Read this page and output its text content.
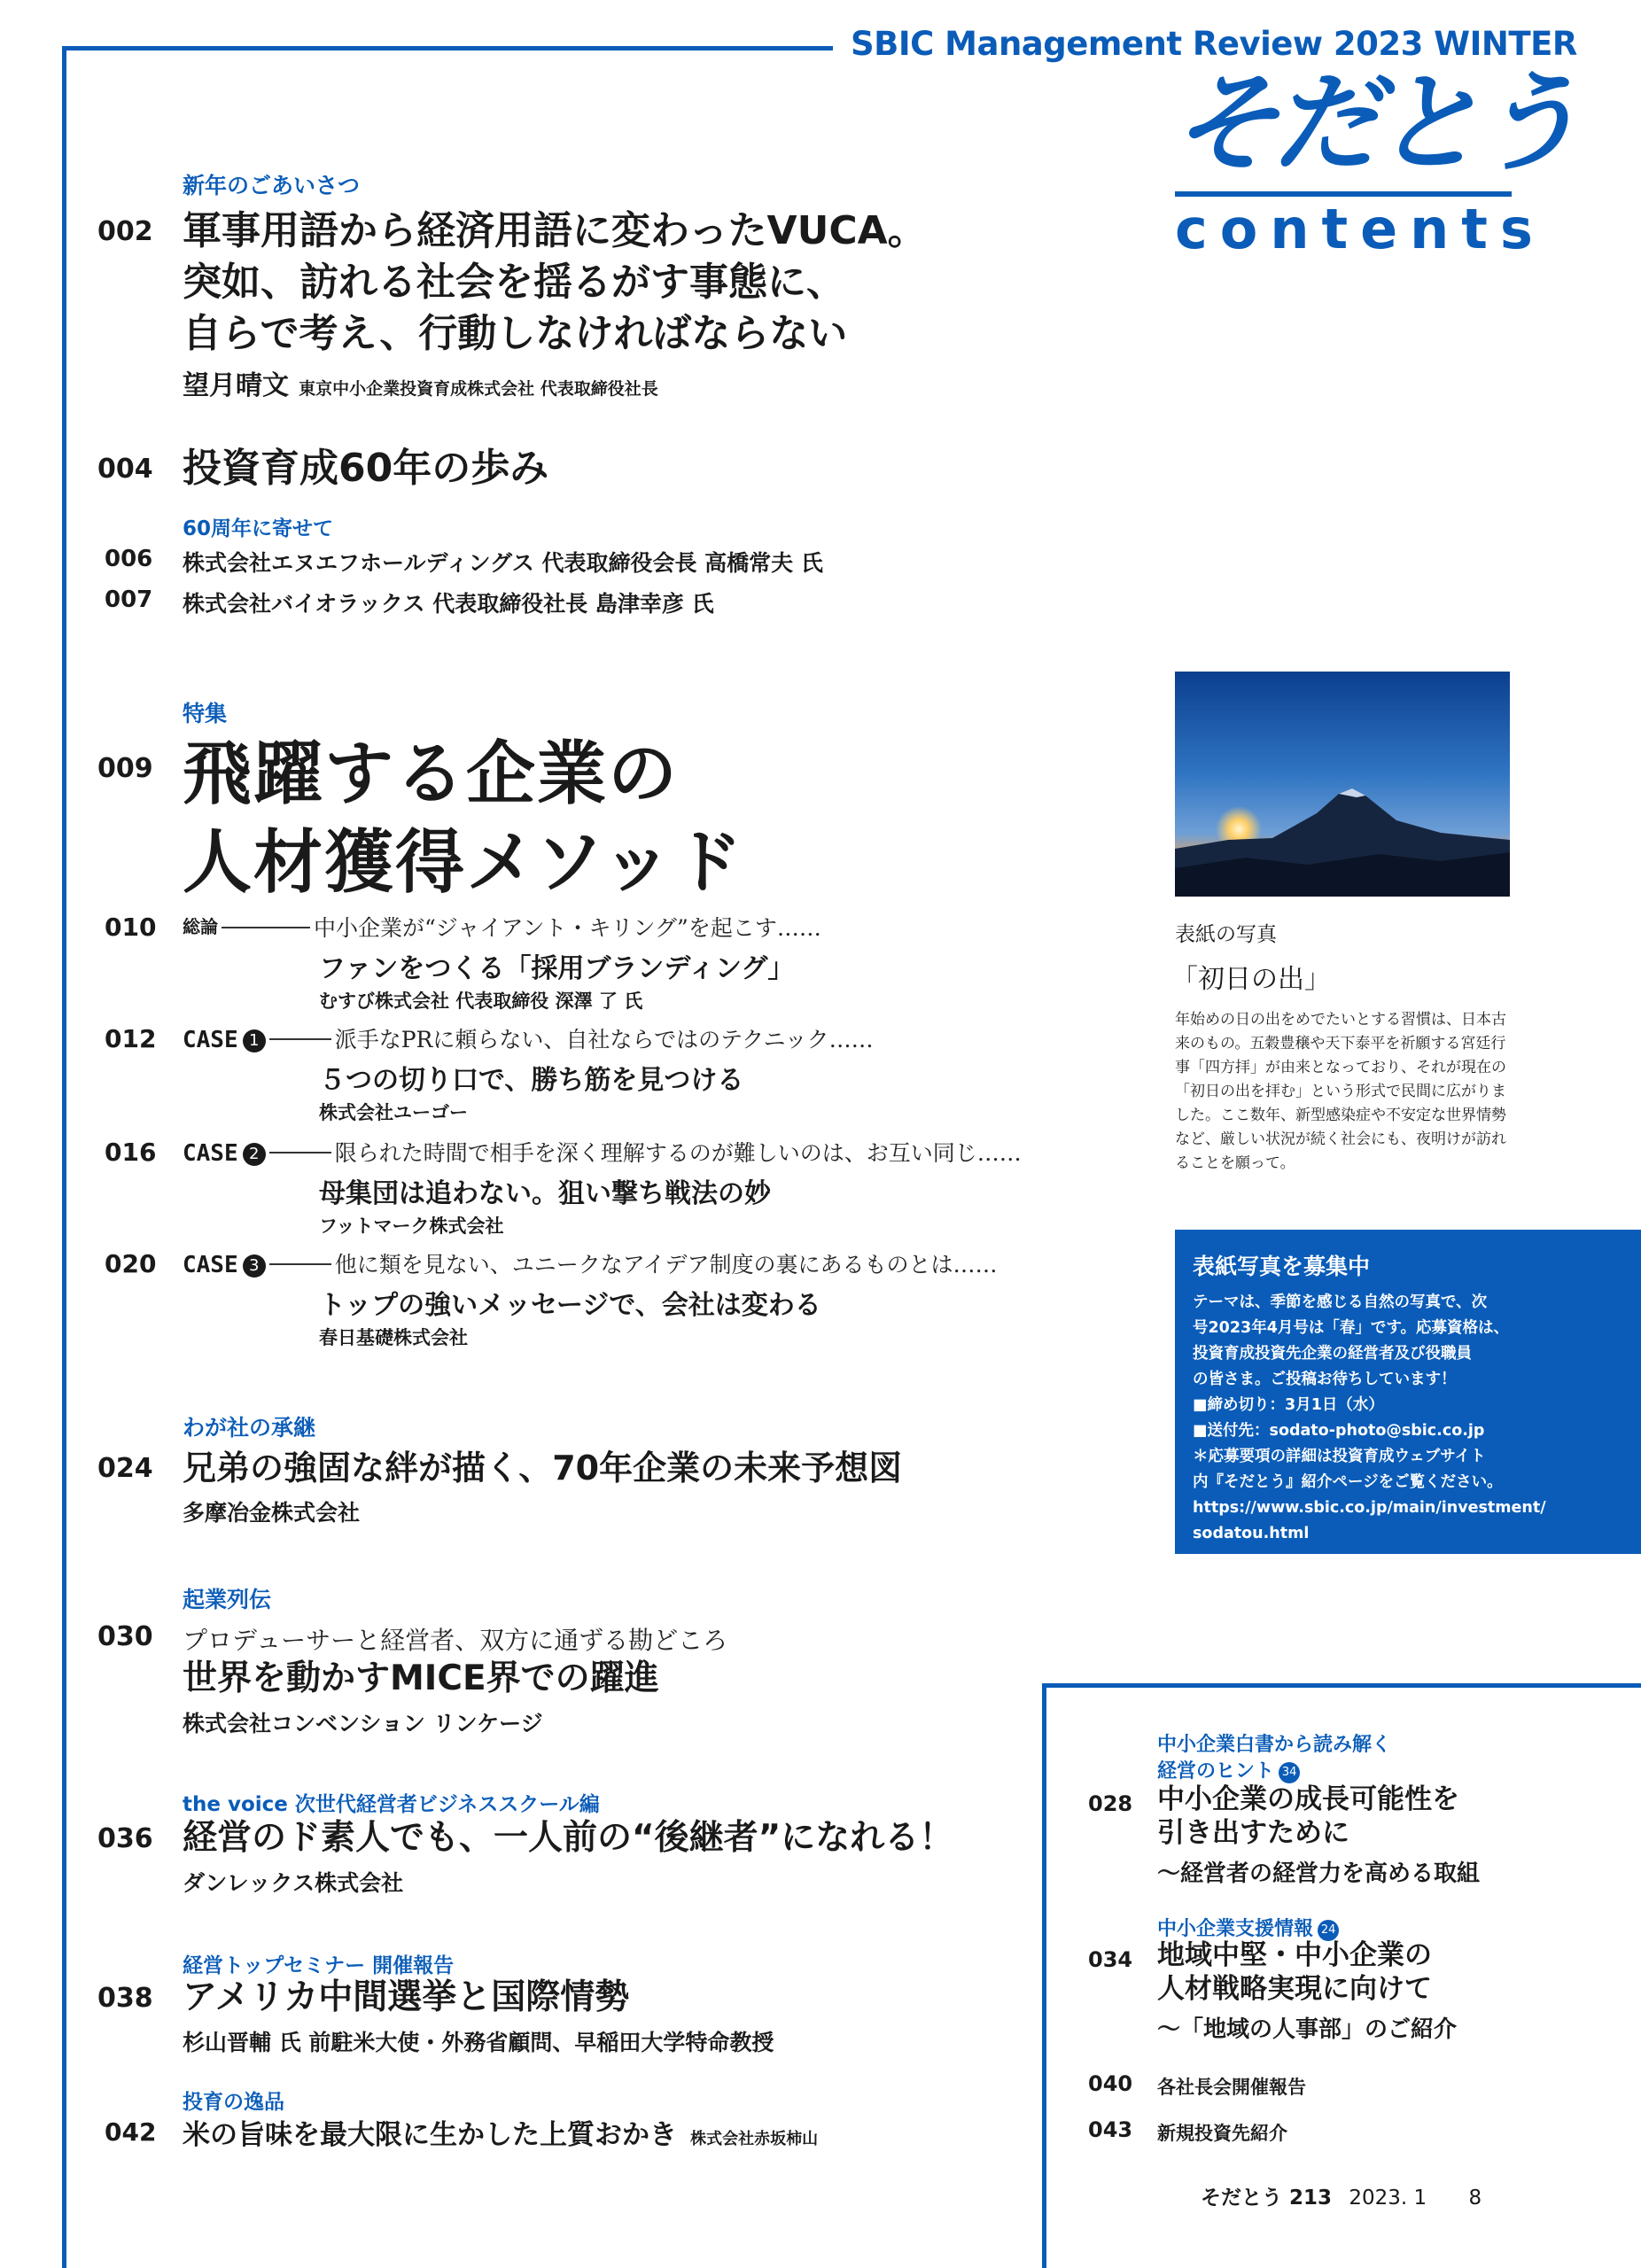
SBIC Management Review 2023 WINTER
そだとう
contents
新年のごあいさつ
002 軍事用語から経済用語に変わったVUCA。
突如、訪れる社会を揺るがす事態に、
自らで考え、行動しなければならない
望月晴文 東京中小企業投資育成株式会社 代表取締役社長
004 投資育成60年の歩み
60周年に寄せて
006 株式会社エヌエフホールディングス 代表取締役会長 高橋常夫 氏
007 株式会社バイオラックス 代表取締役社長 島津幸彦 氏
特集
009 飛躍する企業の
人材獲得メソッド
010 総論	中小企業が“ジャイアント・キリング”を起こす……
ファンをつくる「採用ブランディング」
むすび株式会社 代表取締役 深澤 了 氏
012 CASE 1	派手なPRに頼らない、自社ならではのテクニック……
５つの切り口で、勝ち筋を見つける
株式会社ユーゴー
016 CASE 2	限られた時間で相手を深く理解するのが難しいのは、お互い同じ……
母集団は追わない。狙い撃ち戦法の妙
フットマーク株式会社
020 CASE 3	他に類を見ない、ユニークなアイデア制度の裏にあるものとは……
トップの強いメッセージで、会社は変わる
春日基礎株式会社
わが社の承継
024 兄弟の強固な絆が描く、70年企業の未来予想図
多摩冶金株式会社
起業列伝
030 プロデューサーと経営者、双方に通ずる勘どころ
世界を動かすMICE界での躍進
株式会社コンベンション リンケージ
the voice 次世代経営者ビジネススクール編
036 経営のド素人でも、一人前の“後継者”になれる！
ダンレックス株式会社
経営トップセミナー 開催報告
038 アメリカ中間選挙と国際情勢
杉山晋輔 氏 前駐米大使・外務省顧問、早稲田大学特命教授
投育の逸品
042 米の旨味を最大限に生かした上質おかき 株式会社赤坂柿山
表紙の写真
「初日の出」
年始めの日の出をめでたいとする習慣は、日本古来のもの。五穀豊穣や天下泰平を祈願する宮廷行事「四方拝」が由来となっており、それが現在の「初日の出を拝む」という形式で民間に広がりました。ここ数年、新型感染症や不安定な世界情勢など、厳しい状況が続く社会にも、夜明けが訪れることを願って。
表紙写真を募集中
テーマは、季節を感じる自然の写真で、次
号2023年4月号は「春」です。応募資格は、
投資育成投資先企業の経営者及び役職員
の皆さま。ご投稿お待ちしています！
■締め切り：3月1日（水）
■送付先：sodato-photo@sbic.co.jp
＊応募要項の詳細は投資育成ウェブサイト
内『そだとう』紹介ページをご覧ください。
https://www.sbic.co.jp/main/investment/
sodatou.html
中小企業白書から読み解く
経営のヒント 34
028 中小企業の成長可能性を
引き出すために
～経営者の経営力を高める取組
中小企業支援情報 24
034 地域中堅・中小企業の
人材戦略実現に向けて
～「地域の人事部」のご紹介
040 各社長会開催報告
043 新規投資先紹介
そだとう 213 2023. 1 8
